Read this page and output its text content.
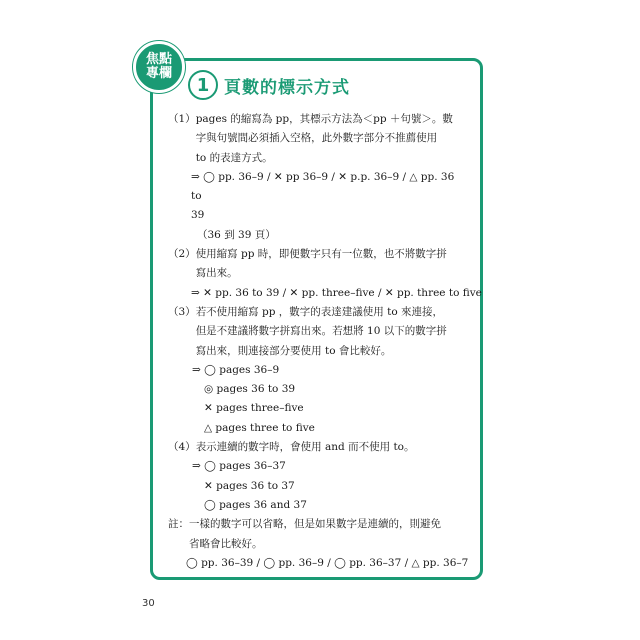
焦點
專欄
1 頁數的標示方式
（1） pages 的縮寫為 pp，其標示方法為＜pp ＋句號＞。數
字與句號間必須插入空格，此外數字部分不推薦使用
to 的表達方式。
⇒ ◯ pp. 36–9 / ✕ pp 36–9 / ✕ p.p. 36–9 / △ pp. 36 to
39
（36 到 39 頁）
（2） 使用縮寫 pp 時，即便數字只有一位數，也不將數字拼
寫出來。
⇒ ✕ pp. 36 to 39 / ✕ pp. three–five / ✕ pp. three to five
（3） 若不使用縮寫 pp ，數字的表達建議使用 to 來連接，
但是不建議將數字拼寫出來。若想將 10 以下的數字拼
寫出來，則連接部分要使用 to 會比較好。
⇒ ◯ pages 36–9
◎ pages 36 to 39
✕ pages three–five
△ pages three to five
（4） 表示連續的數字時，會使用 and 而不使用 to。
⇒ ◯ pages 36–37
✕ pages 36 to 37
◯ pages 36 and 37
註： 一樣的數字可以省略，但是如果數字是連續的，則避免
省略會比較好。
◯ pp. 36–39 / ◯ pp. 36–9 / ◯ pp. 36–37 / △ pp. 36–7
30
